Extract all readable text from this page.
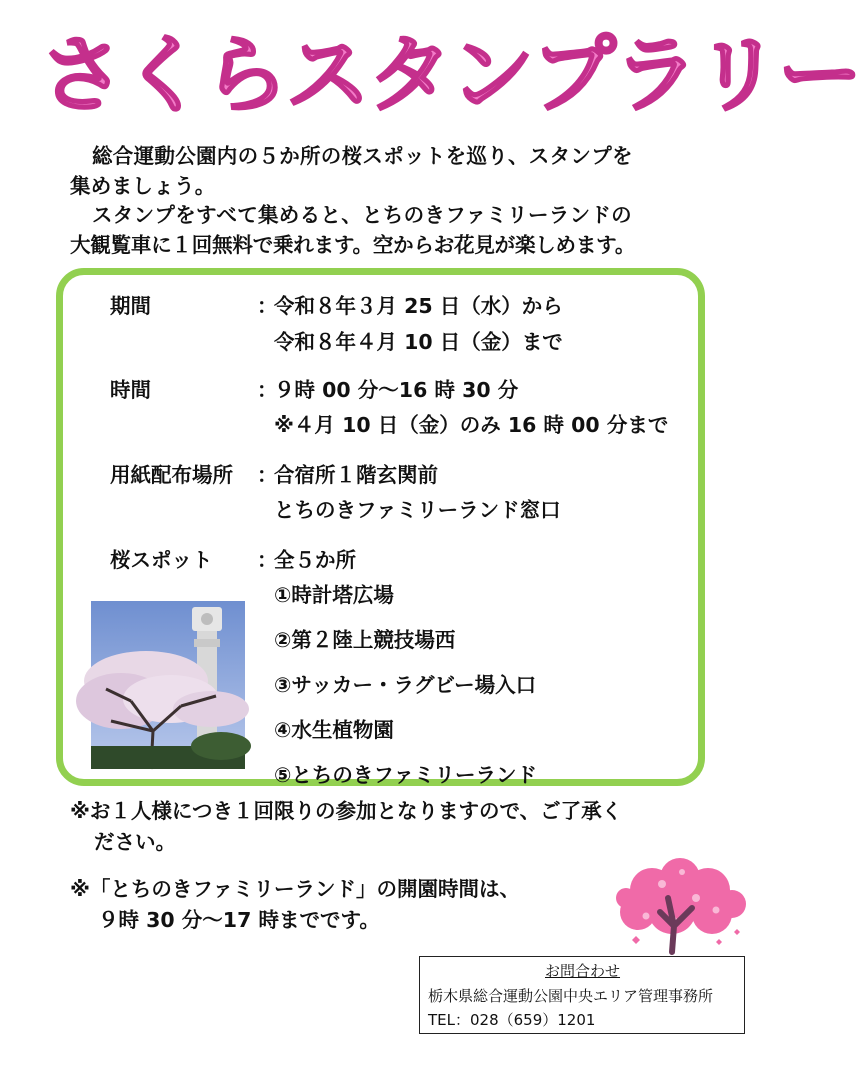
さくらスタンプラリー

総合運動公園内の５か所の桜スポットを巡り、スタンプを

集めましょう。

スタンプをすべて集めると、とちのきファミリーランドの

大観覧車に１回無料で乗れます。空からお花見が楽しめます。

期間	：
令和８年３月 25 日（水）から
令和８年４月 10 日（金）まで
時間	：
９時 00 分～16 時 30 分
※４月 10 日（金）のみ 16 時 00 分まで
用紙配布場所 ：
合宿所１階玄関前
とちのきファミリーランド窓口
桜スポット ：
全５か所
①時計塔広場
②第２陸上競技場西
③サッカー・ラグビー場入口
④水生植物園
⑤とちのきファミリーランド
※お１人様につき１回限りの参加となりますので、ご了承く
ださい。
※「とちのきファミリーランド」の開園時間は、
９時 30 分～17 時までです。
お問合わせ
栃木県総合運動公園中央エリア管理事務所
TEL：028（659）1201
